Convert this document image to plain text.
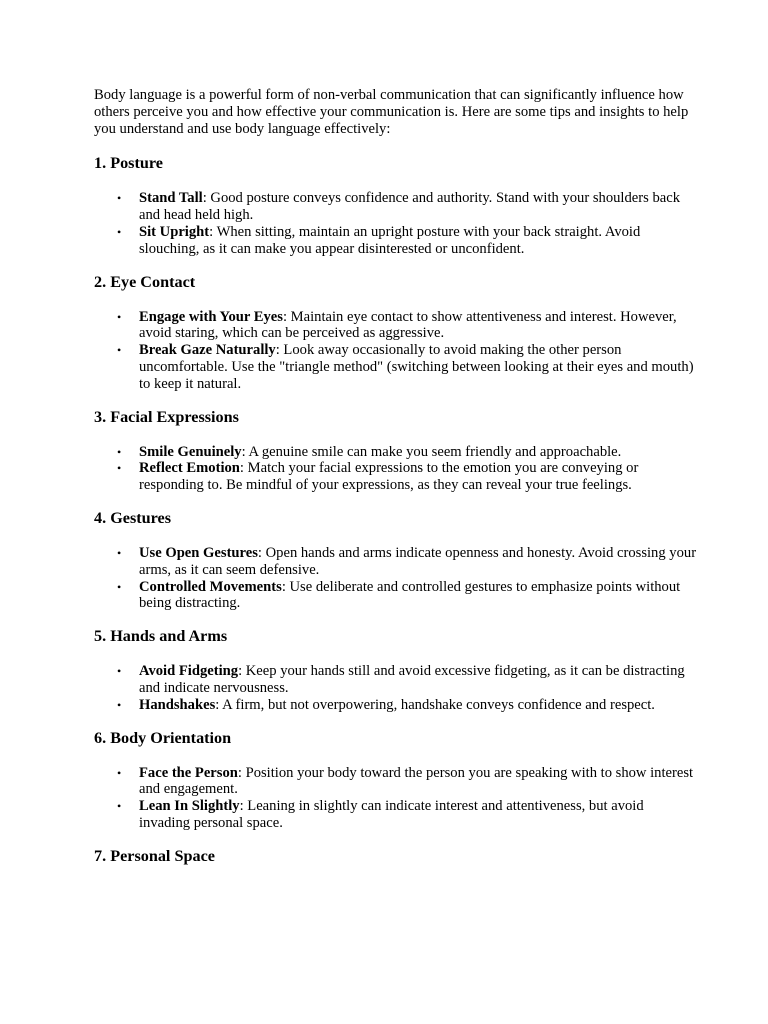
Body language is a powerful form of non-verbal communication that can significantly influence how others perceive you and how effective your communication is. Here are some tips and insights to help you understand and use body language effectively:

1. Posture
• Stand Tall: Good posture conveys confidence and authority. Stand with your shoulders back and head held high.
• Sit Upright: When sitting, maintain an upright posture with your back straight. Avoid slouching, as it can make you appear disinterested or unconfident.
2. Eye Contact
• Engage with Your Eyes: Maintain eye contact to show attentiveness and interest. However, avoid staring, which can be perceived as aggressive.
• Break Gaze Naturally: Look away occasionally to avoid making the other person uncomfortable. Use the "triangle method" (switching between looking at their eyes and mouth) to keep it natural.
3. Facial Expressions
• Smile Genuinely: A genuine smile can make you seem friendly and approachable.
• Reflect Emotion: Match your facial expressions to the emotion you are conveying or responding to. Be mindful of your expressions, as they can reveal your true feelings.
4. Gestures
• Use Open Gestures: Open hands and arms indicate openness and honesty. Avoid crossing your arms, as it can seem defensive.
• Controlled Movements: Use deliberate and controlled gestures to emphasize points without being distracting.
5. Hands and Arms
• Avoid Fidgeting: Keep your hands still and avoid excessive fidgeting, as it can be distracting and indicate nervousness.
• Handshakes: A firm, but not overpowering, handshake conveys confidence and respect.
6. Body Orientation
• Face the Person: Position your body toward the person you are speaking with to show interest and engagement.
• Lean In Slightly: Leaning in slightly can indicate interest and attentiveness, but avoid invading personal space.
7. Personal Space
